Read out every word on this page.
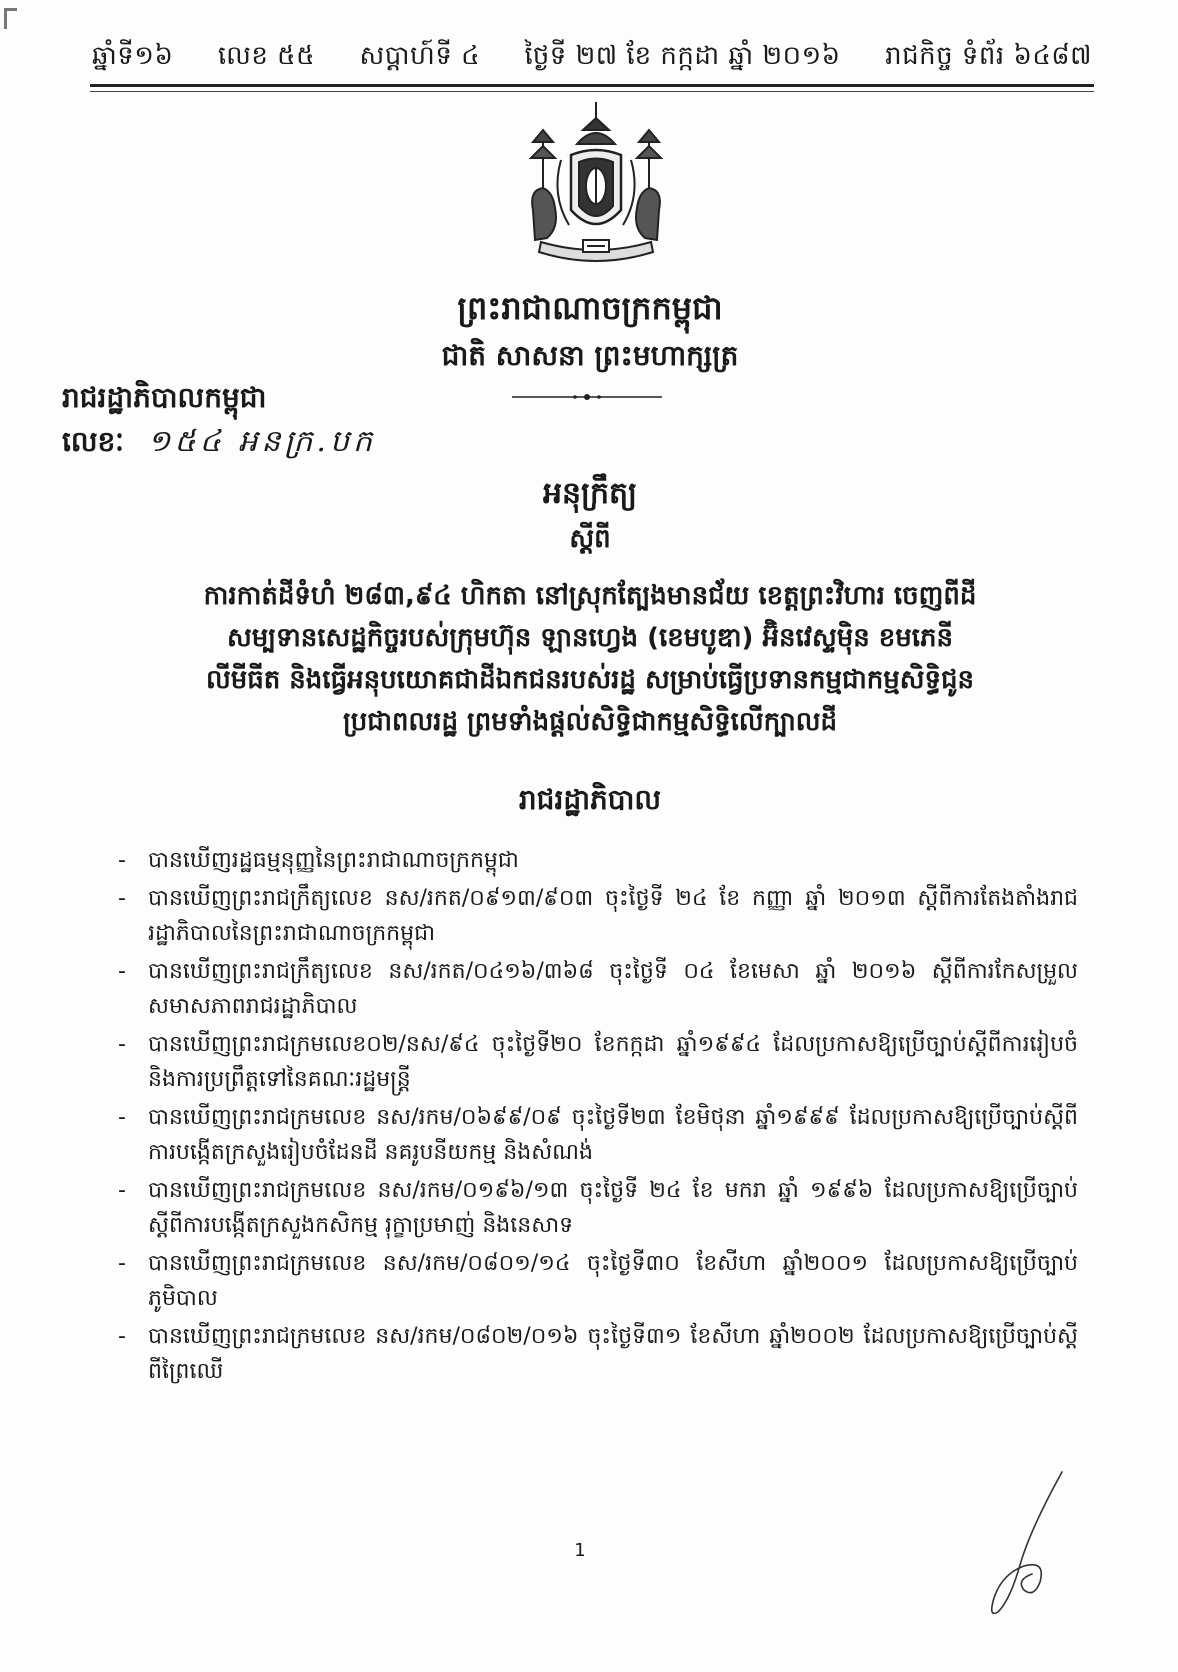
ឆ្នាំទី១៦ លេខ ៥៥ សប្តាហ៍ទី ៤ ថ្ងៃទី ២៧ ខែ កក្កដា ឆ្នាំ ២០១៦ រាជកិច្ច ទំព័រ ៦៤៨៧
ព្រះរាជាណាចក្រកម្ពុជា
ជាតិ សាសនា ព្រះមហាក្សត្រ
រាជរដ្ឋាភិបាលកម្ពុជា
លេខៈ ១៥៤ អនក្រ.បក
អនុក្រឹត្យ
ស្តីពី
ការកាត់ដីទំហំ ២៨៣,៩៤ ហិកតា នៅស្រុកត្បែងមានជ័យ ខេត្តព្រះវិហារ ចេញពីដី
សម្បទានសេដ្ឋកិច្ចរបស់ក្រុមហ៊ុន ឡានហ្វេង (ខេមបូឌា) អ៊ិនវេស្ទម៉ិន ខមភេនី
លីមីធីត និងធ្វើអនុបយោគជាដីឯកជនរបស់រដ្ឋ សម្រាប់ធ្វើប្រទានកម្មជាកម្មសិទ្ធិជូន
ប្រជាពលរដ្ឋ ព្រមទាំងផ្តល់សិទ្ធិជាកម្មសិទ្ធិលើក្បាលដី
រាជរដ្ឋាភិបាល
- បានឃើញរដ្ឋធម្មនុញ្ញនៃព្រះរាជាណាចក្រកម្ពុជា
- បានឃើញព្រះរាជក្រឹត្យលេខ នស/រកត/០៩១៣/៩០៣ ចុះថ្ងៃទី ២៤ ខែ កញ្ញា ឆ្នាំ ២០១៣ ស្តីពីការតែងតាំងរាជរដ្ឋាភិបាលនៃព្រះរាជាណាចក្រកម្ពុជា
- បានឃើញព្រះរាជក្រឹត្យលេខ នស/រកត/០៤១៦/៣៦៨ ចុះថ្ងៃទី ០៤ ខែមេសា ឆ្នាំ ២០១៦ ស្តីពីការកែសម្រួលសមាសភាពរាជរដ្ឋាភិបាល
- បានឃើញព្រះរាជក្រមលេខ០២/នស/៩៤ ចុះថ្ងៃទី២០ ខែកក្កដា ឆ្នាំ១៩៩៤ ដែលប្រកាសឱ្យប្រើច្បាប់ស្តីពីការរៀបចំនិងការប្រព្រឹត្តទៅនៃគណៈរដ្ឋមន្ត្រី
- បានឃើញព្រះរាជក្រមលេខ នស/រកម/០៦៩៩/០៩ ចុះថ្ងៃទី២៣ ខែមិថុនា ឆ្នាំ១៩៩៩ ដែលប្រកាសឱ្យប្រើច្បាប់ស្តីពីការបង្កើតក្រសួងរៀបចំដែនដី នគរូបនីយកម្ម និងសំណង់
- បានឃើញព្រះរាជក្រមលេខ នស/រកម/០១៩៦/១៣ ចុះថ្ងៃទី ២៤ ខែ មករា ឆ្នាំ ១៩៩៦ ដែលប្រកាសឱ្យប្រើច្បាប់ ស្តីពីការបង្កើតក្រសួងកសិកម្ម រុក្ខាប្រមាញ់ និងនេសាទ
- បានឃើញព្រះរាជក្រមលេខ នស/រកម/០៨០១/១៤ ចុះថ្ងៃទី៣០ ខែសីហា ឆ្នាំ២០០១ ដែលប្រកាសឱ្យប្រើច្បាប់ភូមិបាល
- បានឃើញព្រះរាជក្រមលេខ នស/រកម/០៨០២/០១៦ ចុះថ្ងៃទី៣១ ខែសីហា ឆ្នាំ២០០២ ដែលប្រកាសឱ្យប្រើច្បាប់ស្តីពីព្រៃឈើ
1
